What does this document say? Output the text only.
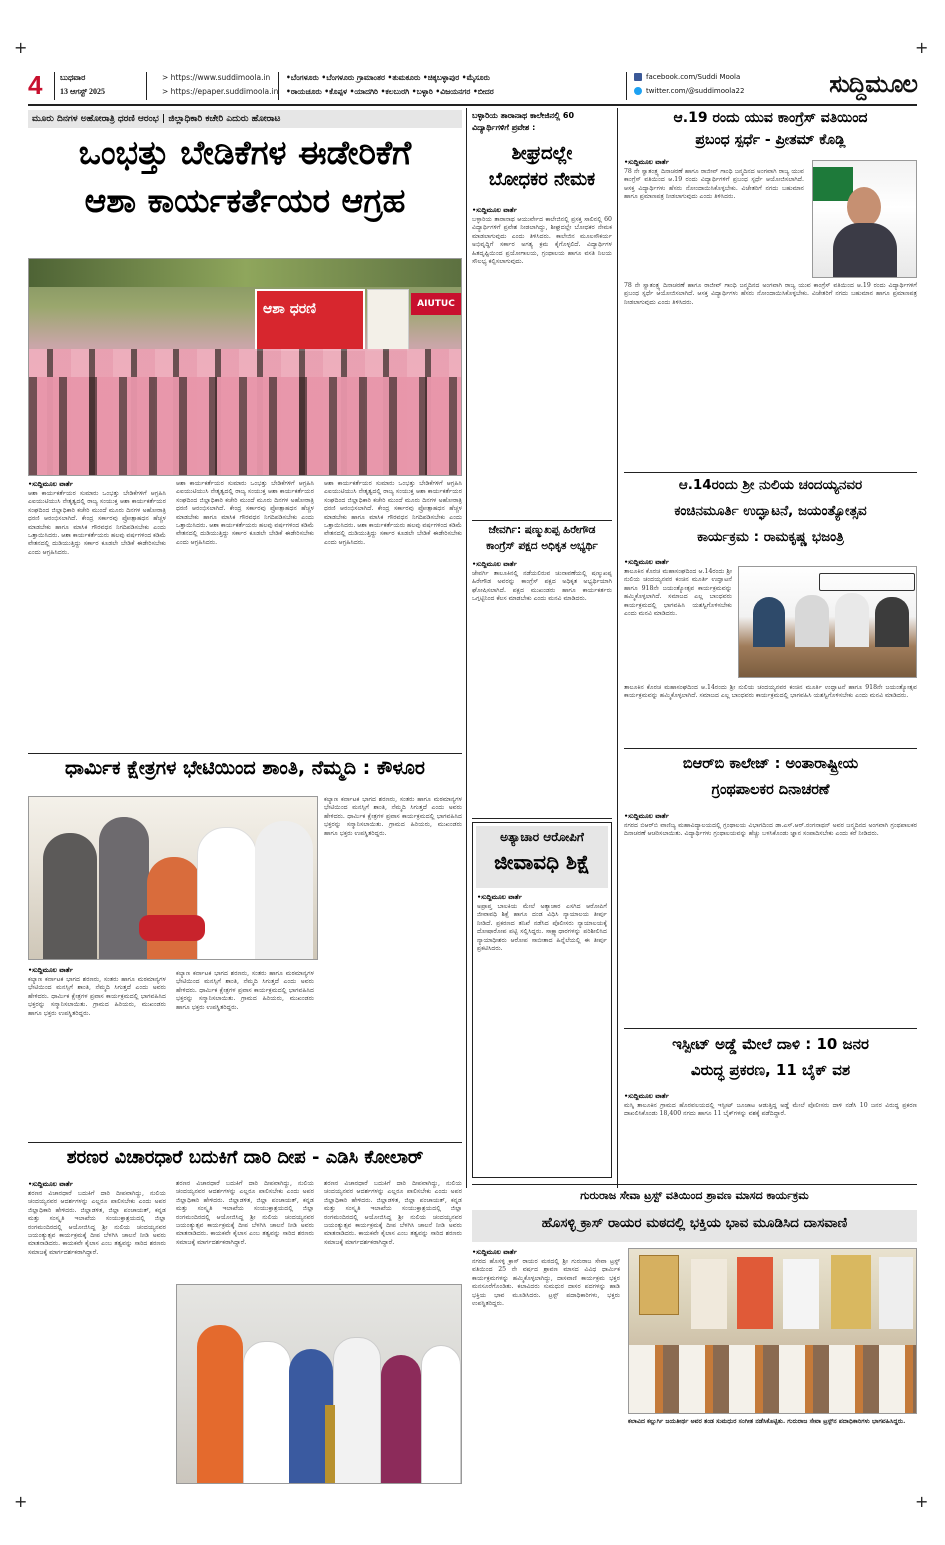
+	+
+	+
4	ಬುಧವಾರ
13 ಆಗಸ್ಟ್ 2025
> https://www.suddimoola.in
> https://epaper.suddimoola.in
•ಬೆಂಗಳೂರು •ಬೆಂಗಳೂರು ಗ್ರಾಮಾಂತರ •ತುಮಕೂರು •ಚಿಕ್ಕಬಳ್ಳಾಪುರ •ಮೈಸೂರು
•ರಾಯಚೂರು •ಕೊಪ್ಪಳ •ಯಾದಗಿರಿ •ಕಲಬುರಗಿ •ಬಳ್ಳಾರಿ •ವಿಜಯನಗರ •ಬೀದರ
facebook.com/Suddi Moola
twitter.com/@suddimoola22	ಸುದ್ದಿಮೂಲ
ಮೂರು ದಿನಗಳ ಅಹೋರಾತ್ರಿ ಧರಣಿ ಆರಂಭ | ಜಿಲ್ಲಾಧಿಕಾರಿ ಕಚೇರಿ ಎದುರು ಹೋರಾಟ
ಒಂಭತ್ತು ಬೇಡಿಕೆಗಳ ಈಡೇರಿಕೆಗೆ
ಆಶಾ ಕಾರ್ಯಕರ್ತೆಯರ ಆಗ್ರಹ
ಆಶಾ ಧರಣಿ	AIUTUC
•ಸುದ್ದಿಮೂಲ ವಾರ್ತೆ
ಆಶಾ ಕಾರ್ಯಕರ್ತೆಯರ ಸುಮಾರು ಒಂಭತ್ತು ಬೇಡಿಕೆಗಳಿಗೆ ಆಗ್ರಹಿಸಿ ಎಐಯುಟಿಯುಸಿ ನೇತೃತ್ವದಲ್ಲಿ ರಾಜ್ಯ ಸಂಯುಕ್ತ ಆಶಾ ಕಾರ್ಯಕರ್ತೆಯರ ಸಂಘದಿಂದ ಜಿಲ್ಲಾಧಿಕಾರಿ ಕಚೇರಿ ಮುಂದೆ ಮೂರು ದಿನಗಳ ಅಹೋರಾತ್ರಿ ಧರಣಿ ಆರಂಭಿಸಲಾಗಿದೆ. ಕೇಂದ್ರ ಸರ್ಕಾರವು ಪ್ರೋತ್ಸಾಹಧನ ಹೆಚ್ಚಳ ಮಾಡಬೇಕು ಹಾಗೂ ಮಾಸಿಕ ಗೌರವಧನ ನಿಗದಿಪಡಿಸಬೇಕು ಎಂದು ಒತ್ತಾಯಿಸಿದರು. ಆಶಾ ಕಾರ್ಯಕರ್ತೆಯರು ಹಲವು ವರ್ಷಗಳಿಂದ ಕಡಿಮೆ ವೇತನದಲ್ಲಿ ದುಡಿಯುತ್ತಿದ್ದು ಸರ್ಕಾರ ಕೂಡಲೇ ಬೇಡಿಕೆ ಈಡೇರಿಸಬೇಕು ಎಂದು ಆಗ್ರಹಿಸಿದರು.
ಆಶಾ ಕಾರ್ಯಕರ್ತೆಯರ ಸುಮಾರು ಒಂಭತ್ತು ಬೇಡಿಕೆಗಳಿಗೆ ಆಗ್ರಹಿಸಿ ಎಐಯುಟಿಯುಸಿ ನೇತೃತ್ವದಲ್ಲಿ ರಾಜ್ಯ ಸಂಯುಕ್ತ ಆಶಾ ಕಾರ್ಯಕರ್ತೆಯರ ಸಂಘದಿಂದ ಜಿಲ್ಲಾಧಿಕಾರಿ ಕಚೇರಿ ಮುಂದೆ ಮೂರು ದಿನಗಳ ಅಹೋರಾತ್ರಿ ಧರಣಿ ಆರಂಭಿಸಲಾಗಿದೆ. ಕೇಂದ್ರ ಸರ್ಕಾರವು ಪ್ರೋತ್ಸಾಹಧನ ಹೆಚ್ಚಳ ಮಾಡಬೇಕು ಹಾಗೂ ಮಾಸಿಕ ಗೌರವಧನ ನಿಗದಿಪಡಿಸಬೇಕು ಎಂದು ಒತ್ತಾಯಿಸಿದರು. ಆಶಾ ಕಾರ್ಯಕರ್ತೆಯರು ಹಲವು ವರ್ಷಗಳಿಂದ ಕಡಿಮೆ ವೇತನದಲ್ಲಿ ದುಡಿಯುತ್ತಿದ್ದು ಸರ್ಕಾರ ಕೂಡಲೇ ಬೇಡಿಕೆ ಈಡೇರಿಸಬೇಕು ಎಂದು ಆಗ್ರಹಿಸಿದರು.
ಆಶಾ ಕಾರ್ಯಕರ್ತೆಯರ ಸುಮಾರು ಒಂಭತ್ತು ಬೇಡಿಕೆಗಳಿಗೆ ಆಗ್ರಹಿಸಿ ಎಐಯುಟಿಯುಸಿ ನೇತೃತ್ವದಲ್ಲಿ ರಾಜ್ಯ ಸಂಯುಕ್ತ ಆಶಾ ಕಾರ್ಯಕರ್ತೆಯರ ಸಂಘದಿಂದ ಜಿಲ್ಲಾಧಿಕಾರಿ ಕಚೇರಿ ಮುಂದೆ ಮೂರು ದಿನಗಳ ಅಹೋರಾತ್ರಿ ಧರಣಿ ಆರಂಭಿಸಲಾಗಿದೆ. ಕೇಂದ್ರ ಸರ್ಕಾರವು ಪ್ರೋತ್ಸಾಹಧನ ಹೆಚ್ಚಳ ಮಾಡಬೇಕು ಹಾಗೂ ಮಾಸಿಕ ಗೌರವಧನ ನಿಗದಿಪಡಿಸಬೇಕು ಎಂದು ಒತ್ತಾಯಿಸಿದರು. ಆಶಾ ಕಾರ್ಯಕರ್ತೆಯರು ಹಲವು ವರ್ಷಗಳಿಂದ ಕಡಿಮೆ ವೇತನದಲ್ಲಿ ದುಡಿಯುತ್ತಿದ್ದು ಸರ್ಕಾರ ಕೂಡಲೇ ಬೇಡಿಕೆ ಈಡೇರಿಸಬೇಕು ಎಂದು ಆಗ್ರಹಿಸಿದರು.
ಧಾರ್ಮಿಕ ಕ್ಷೇತ್ರಗಳ ಭೇಟಿಯಿಂದ ಶಾಂತಿ, ನೆಮ್ಮದಿ : ಕೌಳೂರ
•ಸುದ್ದಿಮೂಲ ವಾರ್ತೆ
ಕಲ್ಯಾಣ ಕರ್ನಾಟಕ ಭಾಗದ ಶರಣರು, ಸಂತರು ಹಾಗೂ ಮಠಮಾನ್ಯಗಳ ಭೇಟಿಯಿಂದ ಮನಸ್ಸಿಗೆ ಶಾಂತಿ, ನೆಮ್ಮದಿ ಸಿಗುತ್ತದೆ ಎಂದು ಅವರು ಹೇಳಿದರು. ಧಾರ್ಮಿಕ ಕ್ಷೇತ್ರಗಳ ಪ್ರವಾಸ ಕಾರ್ಯಕ್ರಮದಲ್ಲಿ ಭಾಗವಹಿಸಿದ ಭಕ್ತರನ್ನು ಸನ್ಮಾನಿಸಲಾಯಿತು. ಗ್ರಾಮದ ಹಿರಿಯರು, ಮುಖಂಡರು ಹಾಗೂ ಭಕ್ತರು ಉಪಸ್ಥಿತರಿದ್ದರು.
ಕಲ್ಯಾಣ ಕರ್ನಾಟಕ ಭಾಗದ ಶರಣರು, ಸಂತರು ಹಾಗೂ ಮಠಮಾನ್ಯಗಳ ಭೇಟಿಯಿಂದ ಮನಸ್ಸಿಗೆ ಶಾಂತಿ, ನೆಮ್ಮದಿ ಸಿಗುತ್ತದೆ ಎಂದು ಅವರು ಹೇಳಿದರು. ಧಾರ್ಮಿಕ ಕ್ಷೇತ್ರಗಳ ಪ್ರವಾಸ ಕಾರ್ಯಕ್ರಮದಲ್ಲಿ ಭಾಗವಹಿಸಿದ ಭಕ್ತರನ್ನು ಸನ್ಮಾನಿಸಲಾಯಿತು. ಗ್ರಾಮದ ಹಿರಿಯರು, ಮುಖಂಡರು ಹಾಗೂ ಭಕ್ತರು ಉಪಸ್ಥಿತರಿದ್ದರು.
ಕಲ್ಯಾಣ ಕರ್ನಾಟಕ ಭಾಗದ ಶರಣರು, ಸಂತರು ಹಾಗೂ ಮಠಮಾನ್ಯಗಳ ಭೇಟಿಯಿಂದ ಮನಸ್ಸಿಗೆ ಶಾಂತಿ, ನೆಮ್ಮದಿ ಸಿಗುತ್ತದೆ ಎಂದು ಅವರು ಹೇಳಿದರು. ಧಾರ್ಮಿಕ ಕ್ಷೇತ್ರಗಳ ಪ್ರವಾಸ ಕಾರ್ಯಕ್ರಮದಲ್ಲಿ ಭಾಗವಹಿಸಿದ ಭಕ್ತರನ್ನು ಸನ್ಮಾನಿಸಲಾಯಿತು. ಗ್ರಾಮದ ಹಿರಿಯರು, ಮುಖಂಡರು ಹಾಗೂ ಭಕ್ತರು ಉಪಸ್ಥಿತರಿದ್ದರು.
ಶರಣರ ವಿಚಾರಧಾರೆ ಬದುಕಿಗೆ ದಾರಿ ದೀಪ - ಎಡಿಸಿ ಕೋಲಾರ್
•ಸುದ್ದಿಮೂಲ ವಾರ್ತೆ
ಶರಣರ ವಿಚಾರಧಾರೆ ಬದುಕಿಗೆ ದಾರಿ ದೀಪವಾಗಿದ್ದು, ನುಲಿಯ ಚಂದಯ್ಯನವರ ಆದರ್ಶಗಳನ್ನು ಎಲ್ಲರೂ ಪಾಲಿಸಬೇಕು ಎಂದು ಅಪರ ಜಿಲ್ಲಾಧಿಕಾರಿ ಹೇಳಿದರು. ಜಿಲ್ಲಾಡಳಿತ, ಜಿಲ್ಲಾ ಪಂಚಾಯತ್, ಕನ್ನಡ ಮತ್ತು ಸಂಸ್ಕೃತಿ ಇಲಾಖೆಯ ಸಂಯುಕ್ತಾಶ್ರಯದಲ್ಲಿ ಜಿಲ್ಲಾ ರಂಗಮಂದಿರದಲ್ಲಿ ಆಯೋಜಿಸಿದ್ದ ಶ್ರೀ ನುಲಿಯ ಚಂದಯ್ಯನವರ ಜಯಂತ್ಯುತ್ಸವ ಕಾರ್ಯಕ್ರಮಕ್ಕೆ ದೀಪ ಬೆಳಗಿಸಿ ಚಾಲನೆ ನೀಡಿ ಅವರು ಮಾತನಾಡಿದರು. ಕಾಯಕವೇ ಕೈಲಾಸ ಎಂಬ ತತ್ವವನ್ನು ಸಾರಿದ ಶರಣರು ಸಮಾಜಕ್ಕೆ ಮಾರ್ಗದರ್ಶಕರಾಗಿದ್ದಾರೆ.
ಶರಣರ ವಿಚಾರಧಾರೆ ಬದುಕಿಗೆ ದಾರಿ ದೀಪವಾಗಿದ್ದು, ನುಲಿಯ ಚಂದಯ್ಯನವರ ಆದರ್ಶಗಳನ್ನು ಎಲ್ಲರೂ ಪಾಲಿಸಬೇಕು ಎಂದು ಅಪರ ಜಿಲ್ಲಾಧಿಕಾರಿ ಹೇಳಿದರು. ಜಿಲ್ಲಾಡಳಿತ, ಜಿಲ್ಲಾ ಪಂಚಾಯತ್, ಕನ್ನಡ ಮತ್ತು ಸಂಸ್ಕೃತಿ ಇಲಾಖೆಯ ಸಂಯುಕ್ತಾಶ್ರಯದಲ್ಲಿ ಜಿಲ್ಲಾ ರಂಗಮಂದಿರದಲ್ಲಿ ಆಯೋಜಿಸಿದ್ದ ಶ್ರೀ ನುಲಿಯ ಚಂದಯ್ಯನವರ ಜಯಂತ್ಯುತ್ಸವ ಕಾರ್ಯಕ್ರಮಕ್ಕೆ ದೀಪ ಬೆಳಗಿಸಿ ಚಾಲನೆ ನೀಡಿ ಅವರು ಮಾತನಾಡಿದರು. ಕಾಯಕವೇ ಕೈಲಾಸ ಎಂಬ ತತ್ವವನ್ನು ಸಾರಿದ ಶರಣರು ಸಮಾಜಕ್ಕೆ ಮಾರ್ಗದರ್ಶಕರಾಗಿದ್ದಾರೆ.
ಶರಣರ ವಿಚಾರಧಾರೆ ಬದುಕಿಗೆ ದಾರಿ ದೀಪವಾಗಿದ್ದು, ನುಲಿಯ ಚಂದಯ್ಯನವರ ಆದರ್ಶಗಳನ್ನು ಎಲ್ಲರೂ ಪಾಲಿಸಬೇಕು ಎಂದು ಅಪರ ಜಿಲ್ಲಾಧಿಕಾರಿ ಹೇಳಿದರು. ಜಿಲ್ಲಾಡಳಿತ, ಜಿಲ್ಲಾ ಪಂಚಾಯತ್, ಕನ್ನಡ ಮತ್ತು ಸಂಸ್ಕೃತಿ ಇಲಾಖೆಯ ಸಂಯುಕ್ತಾಶ್ರಯದಲ್ಲಿ ಜಿಲ್ಲಾ ರಂಗಮಂದಿರದಲ್ಲಿ ಆಯೋಜಿಸಿದ್ದ ಶ್ರೀ ನುಲಿಯ ಚಂದಯ್ಯನವರ ಜಯಂತ್ಯುತ್ಸವ ಕಾರ್ಯಕ್ರಮಕ್ಕೆ ದೀಪ ಬೆಳಗಿಸಿ ಚಾಲನೆ ನೀಡಿ ಅವರು ಮಾತನಾಡಿದರು. ಕಾಯಕವೇ ಕೈಲಾಸ ಎಂಬ ತತ್ವವನ್ನು ಸಾರಿದ ಶರಣರು ಸಮಾಜಕ್ಕೆ ಮಾರ್ಗದರ್ಶಕರಾಗಿದ್ದಾರೆ.
ಬಳ್ಳಾರಿಯ ತಾರಾನಾಥ ಕಾಲೇಜಿನಲ್ಲಿ 60 ವಿದ್ಯಾರ್ಥಿಗಳಿಗೆ ಪ್ರವೇಶ :
ಶೀಘ್ರದಲ್ಲೇ
ಬೋಧಕರ ನೇಮಕ
•ಸುದ್ದಿಮೂಲ ವಾರ್ತೆ
ಬಳ್ಳಾರಿಯ ತಾರಾನಾಥ ಆಯುರ್ವೇದ ಕಾಲೇಜಿನಲ್ಲಿ ಪ್ರಸಕ್ತ ಸಾಲಿನಲ್ಲಿ 60 ವಿದ್ಯಾರ್ಥಿಗಳಿಗೆ ಪ್ರವೇಶ ನೀಡಲಾಗಿದ್ದು, ಶೀಘ್ರದಲ್ಲೇ ಬೋಧಕರ ನೇಮಕ ಮಾಡಲಾಗುವುದು ಎಂದು ತಿಳಿಸಿದರು. ಕಾಲೇಜಿನ ಮೂಲಸೌಕರ್ಯ ಅಭಿವೃದ್ಧಿಗೆ ಸರ್ಕಾರ ಅಗತ್ಯ ಕ್ರಮ ಕೈಗೊಳ್ಳಲಿದೆ. ವಿದ್ಯಾರ್ಥಿಗಳ ಹಿತದೃಷ್ಟಿಯಿಂದ ಪ್ರಯೋಗಾಲಯ, ಗ್ರಂಥಾಲಯ ಹಾಗೂ ವಸತಿ ನಿಲಯ ಸೌಲಭ್ಯ ಕಲ್ಪಿಸಲಾಗುವುದು.
ಜೇವರ್ಗಿ: ಷಣ್ಮುಖಪ್ಪ ಹಿರೇಗೌಡ
ಕಾಂಗ್ರೆಸ್ ಪಕ್ಷದ ಅಧಿಕೃತ ಅಭ್ಯರ್ಥಿ
•ಸುದ್ದಿಮೂಲ ವಾರ್ತೆ
ಜೇವರ್ಗಿ ತಾಲೂಕಿನಲ್ಲಿ ನಡೆಯಲಿರುವ ಚುನಾವಣೆಯಲ್ಲಿ ಷಣ್ಮುಖಪ್ಪ ಹಿರೇಗೌಡ ಅವರನ್ನು ಕಾಂಗ್ರೆಸ್ ಪಕ್ಷದ ಅಧಿಕೃತ ಅಭ್ಯರ್ಥಿಯಾಗಿ ಘೋಷಿಸಲಾಗಿದೆ. ಪಕ್ಷದ ಮುಖಂಡರು ಹಾಗೂ ಕಾರ್ಯಕರ್ತರು ಒಗ್ಗಟ್ಟಿನಿಂದ ಕೆಲಸ ಮಾಡಬೇಕು ಎಂದು ಮನವಿ ಮಾಡಿದರು.
ಅತ್ಯಾಚಾರ ಆರೋಪಿಗೆ
ಜೀವಾವಧಿ ಶಿಕ್ಷೆ
•ಸುದ್ದಿಮೂಲ ವಾರ್ತೆ
ಅಪ್ರಾಪ್ತ ಬಾಲಕಿಯ ಮೇಲೆ ಅತ್ಯಾಚಾರ ಎಸಗಿದ ಆರೋಪಿಗೆ ಜೀವಾವಧಿ ಶಿಕ್ಷೆ ಹಾಗೂ ದಂಡ ವಿಧಿಸಿ ನ್ಯಾಯಾಲಯ ತೀರ್ಪು ನೀಡಿದೆ. ಪ್ರಕರಣದ ತನಿಖೆ ನಡೆಸಿದ ಪೊಲೀಸರು ನ್ಯಾಯಾಲಯಕ್ಕೆ ದೋಷಾರೋಪ ಪಟ್ಟಿ ಸಲ್ಲಿಸಿದ್ದರು. ಸಾಕ್ಷ್ಯಾಧಾರಗಳನ್ನು ಪರಿಶೀಲಿಸಿದ ನ್ಯಾಯಾಧೀಶರು ಆರೋಪ ಸಾಬೀತಾದ ಹಿನ್ನೆಲೆಯಲ್ಲಿ ಈ ತೀರ್ಪು ಪ್ರಕಟಿಸಿದರು.
ಆ.19 ರಂದು ಯುವ ಕಾಂಗ್ರೆಸ್ ವತಿಯಿಂದ
ಪ್ರಬಂಧ ಸ್ಪರ್ಧೆ - ಪ್ರೀತಮ್ ಕೊಡ್ಲಿ
•ಸುದ್ದಿಮೂಲ ವಾರ್ತೆ
78 ನೇ ಸ್ವಾತಂತ್ರ್ಯ ದಿನಾಚರಣೆ ಹಾಗೂ ರಾಜೀವ್ ಗಾಂಧಿ ಜನ್ಮದಿನದ ಅಂಗವಾಗಿ ರಾಜ್ಯ ಯುವ ಕಾಂಗ್ರೆಸ್ ವತಿಯಿಂದ ಆ.19 ರಂದು ವಿದ್ಯಾರ್ಥಿಗಳಿಗೆ ಪ್ರಬಂಧ ಸ್ಪರ್ಧೆ ಆಯೋಜಿಸಲಾಗಿದೆ. ಆಸಕ್ತ ವಿದ್ಯಾರ್ಥಿಗಳು ಹೆಸರು ನೋಂದಾಯಿಸಿಕೊಳ್ಳಬೇಕು. ವಿಜೇತರಿಗೆ ನಗದು ಬಹುಮಾನ ಹಾಗೂ ಪ್ರಮಾಣಪತ್ರ ನೀಡಲಾಗುವುದು ಎಂದು ತಿಳಿಸಿದರು.
78 ನೇ ಸ್ವಾತಂತ್ರ್ಯ ದಿನಾಚರಣೆ ಹಾಗೂ ರಾಜೀವ್ ಗಾಂಧಿ ಜನ್ಮದಿನದ ಅಂಗವಾಗಿ ರಾಜ್ಯ ಯುವ ಕಾಂಗ್ರೆಸ್ ವತಿಯಿಂದ ಆ.19 ರಂದು ವಿದ್ಯಾರ್ಥಿಗಳಿಗೆ ಪ್ರಬಂಧ ಸ್ಪರ್ಧೆ ಆಯೋಜಿಸಲಾಗಿದೆ. ಆಸಕ್ತ ವಿದ್ಯಾರ್ಥಿಗಳು ಹೆಸರು ನೋಂದಾಯಿಸಿಕೊಳ್ಳಬೇಕು. ವಿಜೇತರಿಗೆ ನಗದು ಬಹುಮಾನ ಹಾಗೂ ಪ್ರಮಾಣಪತ್ರ ನೀಡಲಾಗುವುದು ಎಂದು ತಿಳಿಸಿದರು.
ಆ.14ರಂದು ಶ್ರೀ ನುಲಿಯ ಚಂದಯ್ಯನವರ
ಕಂಚಿನಮೂರ್ತಿ ಉದ್ಘಾಟನೆ, ಜಯಂತ್ಯೋತ್ಸವ
ಕಾರ್ಯಕ್ರಮ : ರಾಮಕೃಷ್ಣ ಭಜಂತ್ರಿ
•ಸುದ್ದಿಮೂಲ ವಾರ್ತೆ
ತಾಲೂಕಿನ ಕೊರಚ ಮಹಾಸಂಘದಿಂದ ಆ.14ರಂದು ಶ್ರೀ ನುಲಿಯ ಚಂದಯ್ಯನವರ ಕಂಚಿನ ಮೂರ್ತಿ ಉದ್ಘಾಟನೆ ಹಾಗೂ 918ನೇ ಜಯಂತ್ಯೋತ್ಸವ ಕಾರ್ಯಕ್ರಮವನ್ನು ಹಮ್ಮಿಕೊಳ್ಳಲಾಗಿದೆ. ಸಮಾಜದ ಎಲ್ಲ ಬಾಂಧವರು ಕಾರ್ಯಕ್ರಮದಲ್ಲಿ ಭಾಗವಹಿಸಿ ಯಶಸ್ವಿಗೊಳಿಸಬೇಕು ಎಂದು ಮನವಿ ಮಾಡಿದರು.
ತಾಲೂಕಿನ ಕೊರಚ ಮಹಾಸಂಘದಿಂದ ಆ.14ರಂದು ಶ್ರೀ ನುಲಿಯ ಚಂದಯ್ಯನವರ ಕಂಚಿನ ಮೂರ್ತಿ ಉದ್ಘಾಟನೆ ಹಾಗೂ 918ನೇ ಜಯಂತ್ಯೋತ್ಸವ ಕಾರ್ಯಕ್ರಮವನ್ನು ಹಮ್ಮಿಕೊಳ್ಳಲಾಗಿದೆ. ಸಮಾಜದ ಎಲ್ಲ ಬಾಂಧವರು ಕಾರ್ಯಕ್ರಮದಲ್ಲಿ ಭಾಗವಹಿಸಿ ಯಶಸ್ವಿಗೊಳಿಸಬೇಕು ಎಂದು ಮನವಿ ಮಾಡಿದರು.
ಬಿಆರ್‌ಬಿ ಕಾಲೇಜ್ : ಅಂತಾರಾಷ್ಟ್ರೀಯ
ಗ್ರಂಥಪಾಲಕರ ದಿನಾಚರಣೆ
•ಸುದ್ದಿಮೂಲ ವಾರ್ತೆ
ನಗರದ ಬಿಆರ್‌ಬಿ ವಾಣಿಜ್ಯ ಮಹಾವಿದ್ಯಾಲಯದಲ್ಲಿ ಗ್ರಂಥಾಲಯ ವಿಭಾಗದಿಂದ ಡಾ.ಎಸ್.ಆರ್.ರಂಗನಾಥನ್ ಅವರ ಜನ್ಮದಿನದ ಅಂಗವಾಗಿ ಗ್ರಂಥಪಾಲಕರ ದಿನಾಚರಣೆ ಆಚರಿಸಲಾಯಿತು. ವಿದ್ಯಾರ್ಥಿಗಳು ಗ್ರಂಥಾಲಯವನ್ನು ಹೆಚ್ಚು ಬಳಸಿಕೊಂಡು ಜ್ಞಾನ ಸಂಪಾದಿಸಬೇಕು ಎಂದು ಕರೆ ನೀಡಿದರು.
ಇಸ್ಪೀಟ್ ಅಡ್ಡೆ ಮೇಲೆ ದಾಳಿ : 10 ಜನರ
ವಿರುದ್ಧ ಪ್ರಕರಣ, 11 ಬೈಕ್ ವಶ
•ಸುದ್ದಿಮೂಲ ವಾರ್ತೆ
ಮಸ್ಕಿ ತಾಲೂಕಿನ ಗ್ರಾಮದ ಹೊರವಲಯದಲ್ಲಿ ಇಸ್ಪೀಟ್ ಜೂಜಾಟ ಆಡುತ್ತಿದ್ದ ಅಡ್ಡೆ ಮೇಲೆ ಪೊಲೀಸರು ದಾಳಿ ನಡೆಸಿ 10 ಜನರ ವಿರುದ್ಧ ಪ್ರಕರಣ ದಾಖಲಿಸಿಕೊಂಡು 18,400 ನಗದು ಹಾಗೂ 11 ಬೈಕ್‌ಗಳನ್ನು ವಶಕ್ಕೆ ಪಡೆದಿದ್ದಾರೆ.
ಗುರುರಾಜ ಸೇವಾ ಟ್ರಸ್ಟ್ ವತಿಯಿಂದ ಶ್ರಾವಣ ಮಾಸದ ಕಾರ್ಯಕ್ರಮ
ಹೊಸಳ್ಳಿ ಕ್ರಾಸ್ ರಾಯರ ಮಠದಲ್ಲಿ ಭಕ್ತಿಯ ಭಾವ ಮೂಡಿಸಿದ ದಾಸವಾಣಿ
•ಸುದ್ದಿಮೂಲ ವಾರ್ತೆ
ನಗರದ ಹೊಸಳ್ಳಿ ಕ್ರಾಸ್ ರಾಯರ ಮಠದಲ್ಲಿ ಶ್ರೀ ಗುರುರಾಜ ಸೇವಾ ಟ್ರಸ್ಟ್ ವತಿಯಿಂದ 25 ನೇ ವರ್ಷದ ಶ್ರಾವಣ ಮಾಸದ ವಿವಿಧ ಧಾರ್ಮಿಕ ಕಾರ್ಯಕ್ರಮಗಳನ್ನು ಹಮ್ಮಿಕೊಳ್ಳಲಾಗಿದ್ದು, ದಾಸವಾಣಿ ಕಾರ್ಯಕ್ರಮ ಭಕ್ತರ ಮನಸೂರೆಗೊಂಡಿತು. ಕಲಾವಿದರು ಸುಮಧುರ ದಾಸರ ಪದಗಳನ್ನು ಹಾಡಿ ಭಕ್ತಿಯ ಭಾವ ಮೂಡಿಸಿದರು. ಟ್ರಸ್ಟ್ ಪದಾಧಿಕಾರಿಗಳು, ಭಕ್ತರು ಉಪಸ್ಥಿತರಿದ್ದರು.
ಕಲಾವಿದ ಕಲ್ಲುರ್ಗಿ ಜಯತೀರ್ಥ ಅವರ ತಂಡ ಸುಮಧುರ ಸಂಗೀತ ನಡೆಸಿಕೊಟ್ಟಿತು. ಗುರುರಾಜ ಸೇವಾ ಟ್ರಸ್ಟ್‌ನ ಪದಾಧಿಕಾರಿಗಳು ಭಾಗವಹಿಸಿದ್ದರು.
